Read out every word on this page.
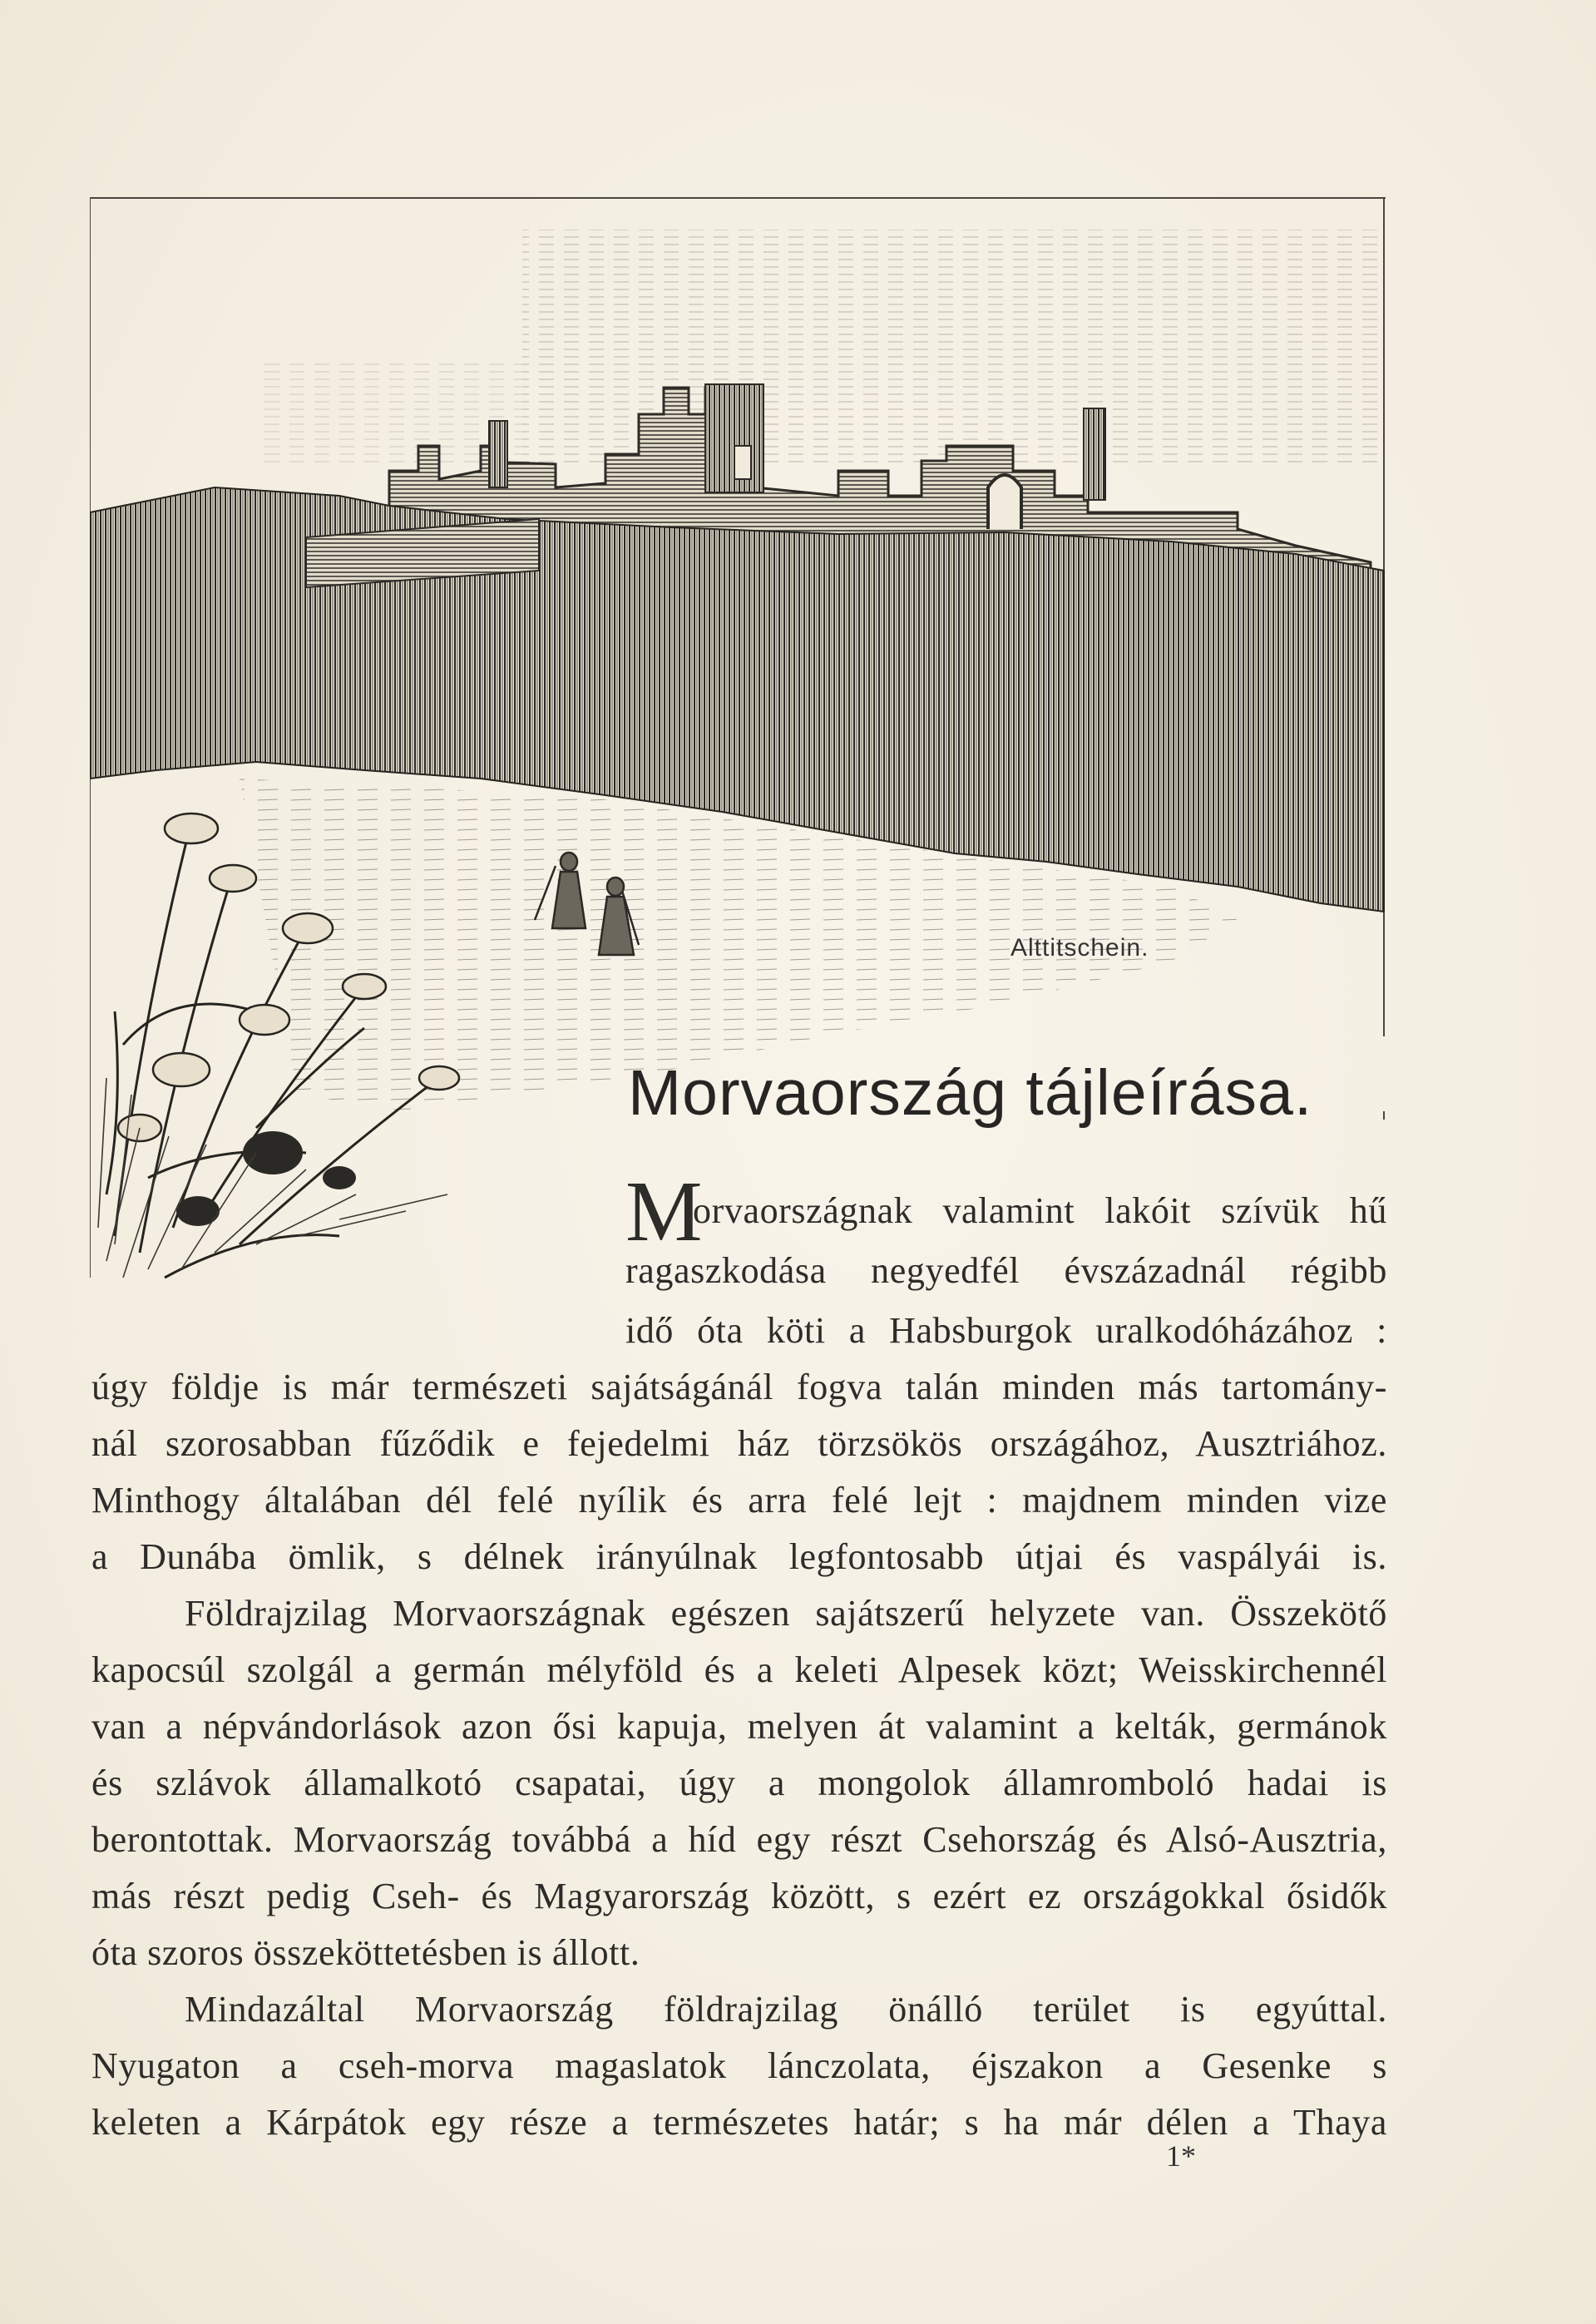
Alttitschein.
Morvaország tájleírása.
M
orvaországnak valamint lakóit szívük hű
ragaszkodása negyedfél évszázadnál régibb
idő óta köti a Habsburgok uralkodóházához :
úgy földje is már természeti sajátságánál fogva talán minden más tartomány-
nál szorosabban fűződik e fejedelmi ház törzsökös országához, Ausztriához.
Minthogy általában dél felé nyílik és arra felé lejt : majdnem minden vize
a Dunába ömlik, s délnek irányúlnak legfontosabb útjai és vaspályái is.
Földrajzilag Morvaországnak egészen sajátszerű helyzete van. Összekötő
kapocsúl szolgál a germán mélyföld és a keleti Alpesek közt; Weisskirchennél
van a népvándorlások azon ősi kapuja, melyen át valamint a kelták, germánok
és szlávok államalkotó csapatai, úgy a mongolok államromboló hadai is
berontottak. Morvaország továbbá a híd egy részt Csehország és Alsó-Ausztria,
más részt pedig Cseh- és Magyarország között, s ezért ez országokkal ősidők
óta szoros összeköttetésben is állott.
Mindazáltal Morvaország földrajzilag önálló terület is egyúttal.
Nyugaton a cseh-morva magaslatok lánczolata, éjszakon a Gesenke s
keleten a Kárpátok egy része a természetes határ; s ha már délen a Thaya
1*
